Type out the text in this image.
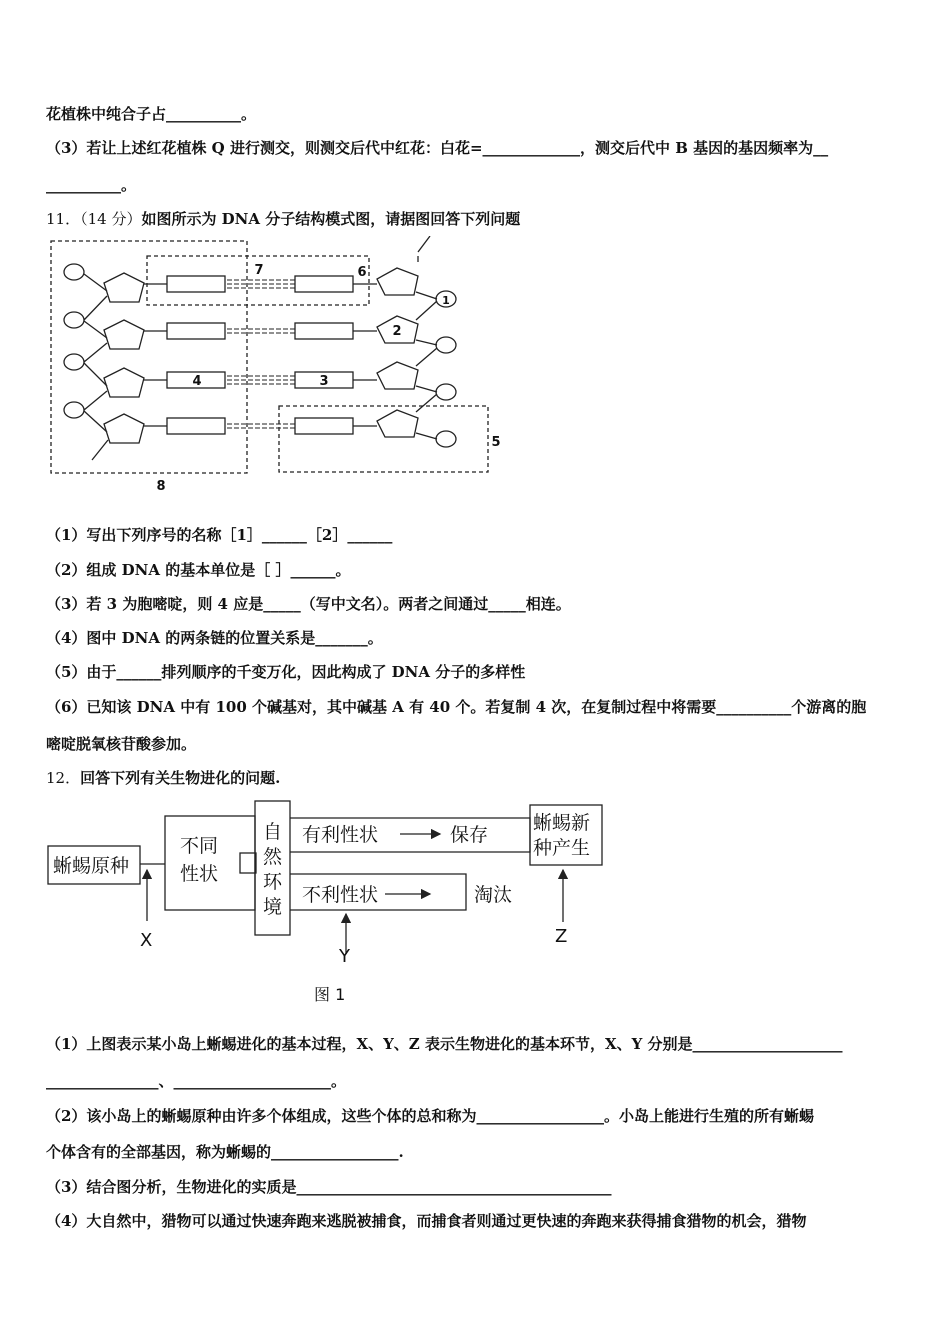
花植株中纯合子占__________。
（3）若让上述红花植株 Q 进行测交，则测交后代中红花：白花=_____________，测交后代中 B 基因的基因频率为__
__________。
11．（14 分）如图所示为 DNA 分子结构模式图，请据图回答下列问题
1
2
3
4
5
6
7
8
（1）写出下列序号的名称［1］______［2］______
（2）组成 DNA 的基本单位是［ ］______。
（3）若 3 为胞嘧啶，则 4 应是_____（写中文名）。两者之间通过_____相连。
（4）图中 DNA 的两条链的位置关系是_______。
（5）由于______排列顺序的千变万化，因此构成了 DNA 分子的多样性
（6）已知该 DNA 中有 100 个碱基对，其中碱基 A 有 40 个。若复制 4 次，在复制过程中将需要__________个游离的胞
嘧啶脱氧核苷酸参加。
12．回答下列有关生物进化的问题.
蜥蜴原种
不同
性状
自
然
环
境
有利性状	保存
不利性状	淘汰
蜥蜴新
种产生
X
Y
Z
图 1
（1）上图表示某小岛上蜥蜴进化的基本过程，X、Y、Z 表示生物进化的基本环节，X、Y 分别是____________________
_______________、_____________________。
（2）该小岛上的蜥蜴原种由许多个体组成，这些个体的总和称为_________________。小岛上能进行生殖的所有蜥蜴
个体含有的全部基因，称为蜥蜴的_________________.
（3）结合图分析，生物进化的实质是__________________________________________
（4）大自然中，猎物可以通过快速奔跑来逃脱被捕食，而捕食者则通过更快速的奔跑来获得捕食猎物的机会，猎物
